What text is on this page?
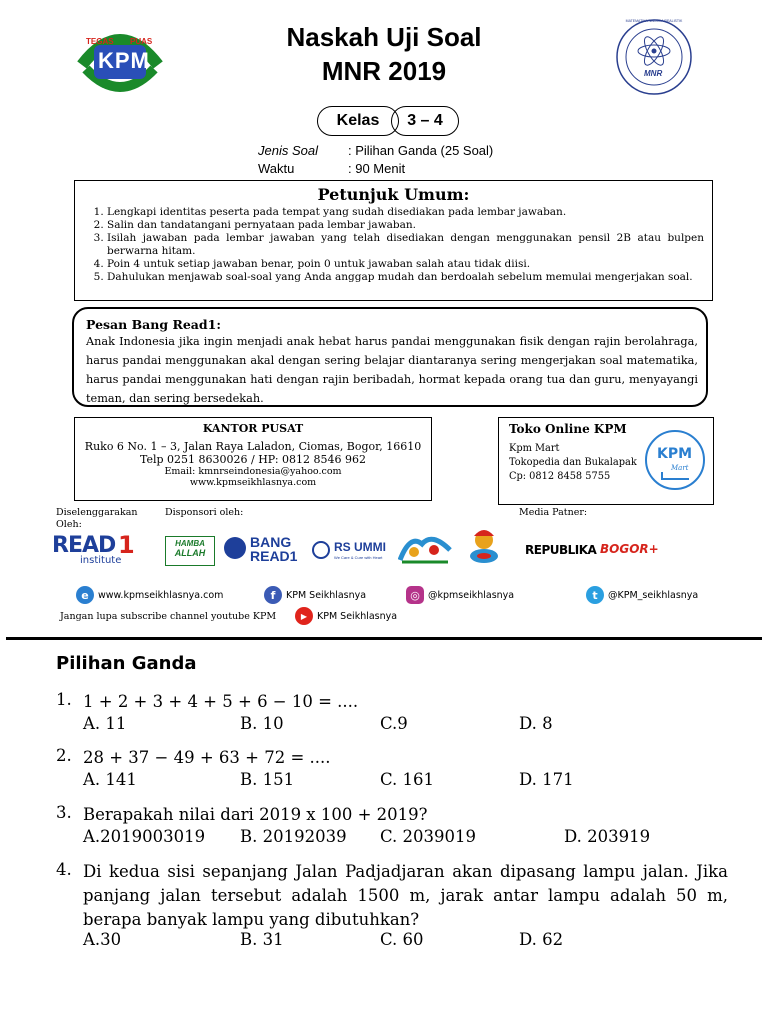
TEGAS PUAS
KPM
IKHLAS
MATEMATIKA NALARIA REALISTIK
MNR
Naskah Uji Soal
MNR 2019
Kelas	3 – 4
Jenis Soal : Pilihan Ganda (25 Soal)
Waktu	: 90 Menit
Petunjuk Umum:
1. Lengkapi identitas peserta pada tempat yang sudah disediakan pada lembar jawaban.
2. Salin dan tandatangani pernyataan pada lembar jawaban.
3. Isilah jawaban pada lembar jawaban yang telah disediakan dengan menggunakan pensil 2B atau bulpen berwarna hitam.
4. Poin 4 untuk setiap jawaban benar, poin 0 untuk jawaban salah atau tidak diisi.
5. Dahulukan menjawab soal-soal yang Anda anggap mudah dan berdoalah sebelum memulai mengerjakan soal.
Pesan Bang Read1:
Anak Indonesia jika ingin menjadi anak hebat harus pandai menggunakan fisik dengan rajin berolahraga, harus pandai menggunakan akal dengan sering belajar diantaranya sering mengerjakan soal matematika, harus pandai menggunakan hati dengan rajin beribadah, hormat kepada orang tua dan guru, menyayangi teman, dan sering bersedekah.
KANTOR PUSAT
Ruko 6 No. 1 – 3, Jalan Raya Laladon, Ciomas, Bogor, 16610
Telp 0251 8630026 / HP: 0812 8546 962
Email: kmnrseindonesia@yahoo.com
www.kpmseikhlasnya.com
Toko Online KPM
Kpm Mart
Tokopedia dan Bukalapak
Cp: 0812 8458 5755
KPM
Mart
Diselenggarakan
Oleh:
Disponsori oleh:	Media Patner:
READ 1
institute
HAMBA
ALLAH
BANG
READ1
RS UMMI
We Care & Cure with Heart
REPUBLIKA BOGOR+
e www.kpmseikhlasnya.com	f	KPM Seikhlasnya	◎ @kpmseikhlasnya	t	@KPM_seikhlasnya
Jangan lupa subscribe channel youtube KPM	▶	KPM Seikhlasnya
Pilihan Ganda
1. 1 + 2 + 3 + 4 + 5 + 6 − 10 = ....
A. 11	B. 10	C.9	D. 8
2. 28 + 37 − 49 + 63 + 72 = ....
A. 141	B. 151	C. 161	D. 171
3. Berapakah nilai dari 2019 x 100 + 2019?
A.2019003019 B. 20192039 C. 2039019	D. 203919
4. Di kedua sisi sepanjang Jalan Padjadjaran akan dipasang lampu jalan. Jika panjang jalan tersebut adalah 1500 m, jarak antar lampu adalah 50 m, berapa banyak lampu yang dibutuhkan?
A.30	B. 31	C. 60	D. 62
